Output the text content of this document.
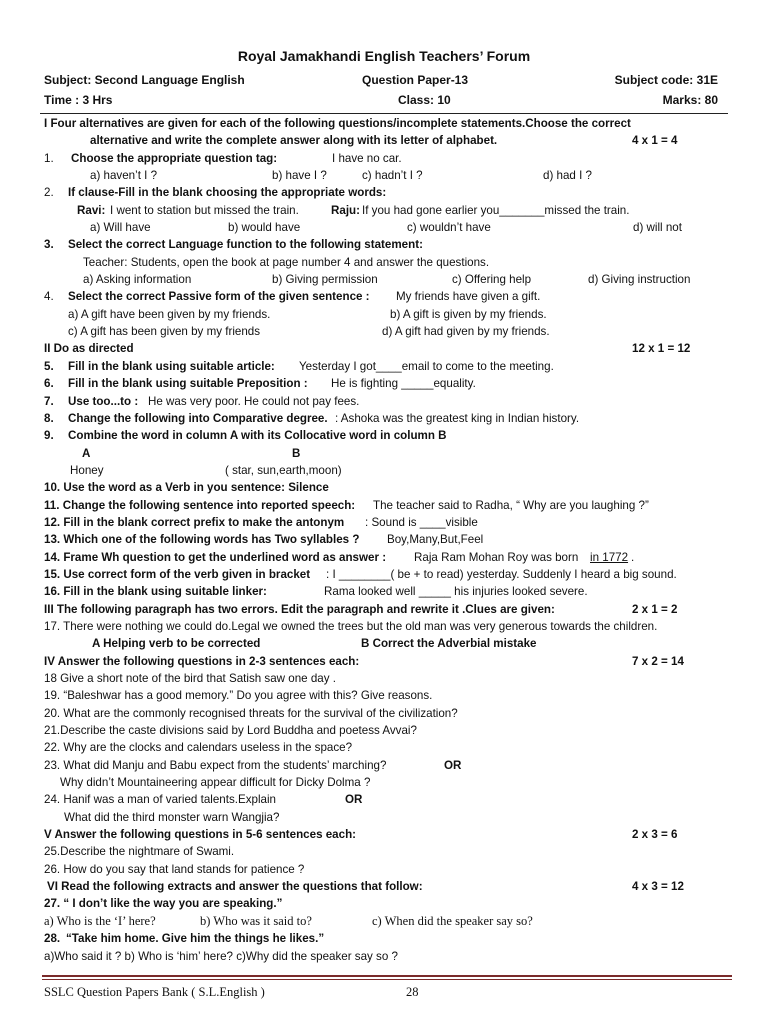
Royal Jamakhandi English Teachers’ Forum
Subject: Second Language English	Question Paper-13	Subject code: 31E
Time : 3 Hrs	Class: 10	Marks: 80
I Four alternatives are given for each of the following questions/incomplete statements.Choose the correct
alternative and write the complete answer along with its letter of alphabet.	4 x 1 = 4
1. Choose the appropriate question tag:	I have no car.
a) haven’t I ?	b) have I ?	c) hadn’t I ?	d) had I ?
2. If clause-Fill in the blank choosing the appropriate words:
Ravi: I went to station but missed the train.	Raju: If you had gone earlier you_______missed the train.
a) Will have	b) would have	c) wouldn’t have	d) will not
3. Select the correct Language function to the following statement:
Teacher: Students, open the book at page number 4 and answer the questions.
a) Asking information	b) Giving permission	c) Offering help	d) Giving instruction
4. Select the correct Passive form of the given sentence : My friends have given a gift.
a) A gift have been given by my friends.	b) A gift is given by my friends.
c) A gift has been given by my friends	d) A gift had given by my friends.
II Do as directed	12 x 1 = 12
5. Fill in the blank using suitable article: Yesterday I got____email to come to the meeting.
6. Fill in the blank using suitable Preposition : He is fighting _____equality.
7. Use too...to : He was very poor. He could not pay fees.
8. Change the following into Comparative degree. : Ashoka was the greatest king in Indian history.
9. Combine the word in column A with its Collocative word in column B
A	B
Honey	( star, sun,earth,moon)
10. Use the word as a Verb in you sentence: Silence
11. Change the following sentence into reported speech: The teacher said to Radha, “ Why are you laughing ?”
12. Fill in the blank correct prefix to make the antonym : Sound is ____visible
13. Which one of the following words has Two syllables ? Boy,Many,But,Feel
14. Frame Wh question to get the underlined word as answer : Raja Ram Mohan Roy was born in 1772 .
15. Use correct form of the verb given in bracket : I ________( be + to read) yesterday. Suddenly I heard a big sound.
16. Fill in the blank using suitable linker:	Rama looked well _____ his injuries looked severe.
III The following paragraph has two errors. Edit the paragraph and rewrite it .Clues are given:	2 x 1 = 2
17. There were nothing we could do.Legal we owned the trees but the old man was very generous towards the children.
A Helping verb to be corrected	B Correct the Adverbial mistake
IV Answer the following questions in 2-3 sentences each:	7 x 2 = 14
18 Give a short note of the bird that Satish saw one day .
19. “Baleshwar has a good memory.” Do you agree with this? Give reasons.
20. What are the commonly recognised threats for the survival of the civilization?
21.Describe the caste divisions said by Lord Buddha and poetess Avvai?
22. Why are the clocks and calendars useless in the space?
23. What did Manju and Babu expect from the students’ marching?	OR
Why didn’t Mountaineering appear difficult for Dicky Dolma ?
24. Hanif was a man of varied talents.Explain	OR
What did the third monster warn Wangjia?
V Answer the following questions in 5-6 sentences each:	2 x 3 = 6
25.Describe the nightmare of Swami.
26. How do you say that land stands for patience ?
VI Read the following extracts and answer the questions that follow:	4 x 3 = 12
27. “ I don’t like the way you are speaking.”
a) Who is the ‘I’ here?	b) Who was it said to?	c) When did the speaker say so?
28. “Take him home. Give him the things he likes.”
a)Who said it ? b) Who is ‘him’ here? c)Why did the speaker say so ?
SSLC Question Papers Bank ( S.L.English )	28
